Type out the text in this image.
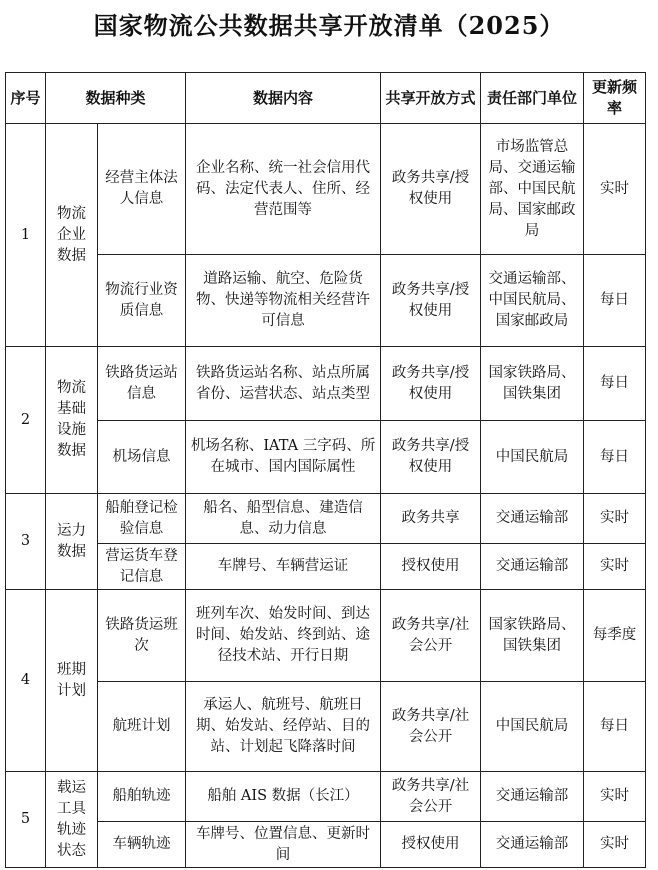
国家物流公共数据共享开放清单（2025）
序号	数据种类		数据内容	共享开放方式	责任部门单位	更新频率
1	物流企业数据	经营主体法人信息	企业名称、统一社会信用代码、法定代表人、住所、经营范围等	政务共享/授权使用	市场监管总局、交通运输部、中国民航局、国家邮政局	实时
		物流行业资质信息	道路运输、航空、危险货物、快递等物流相关经营许可信息	政务共享/授权使用	交通运输部、中国民航局、国家邮政局	每日
2	物流基础设施数据	铁路货运站信息	铁路货运站名称、站点所属省份、运营状态、站点类型	政务共享/授权使用	国家铁路局、国铁集团	每日
		机场信息	机场名称、IATA 三字码、所在城市、国内国际属性	政务共享/授权使用	中国民航局	每日
3	运力数据	船舶登记检验信息	船名、船型信息、建造信息、动力信息	政务共享	交通运输部	实时
		营运货车登记信息	车牌号、车辆营运证	授权使用	交通运输部	实时
4	班期计划	铁路货运班次	班列车次、始发时间、到达时间、始发站、终到站、途径技术站、开行日期	政务共享/社会公开	国家铁路局、国铁集团	每季度
		航班计划	承运人、航班号、航班日期、始发站、经停站、目的站、计划起飞降落时间	政务共享/社会公开	中国民航局	每日
5	载运工具轨迹状态	船舶轨迹	船舶 AIS 数据（长江）	政务共享/社会公开	交通运输部	实时
		车辆轨迹	车牌号、位置信息、更新时间	授权使用	交通运输部	实时
